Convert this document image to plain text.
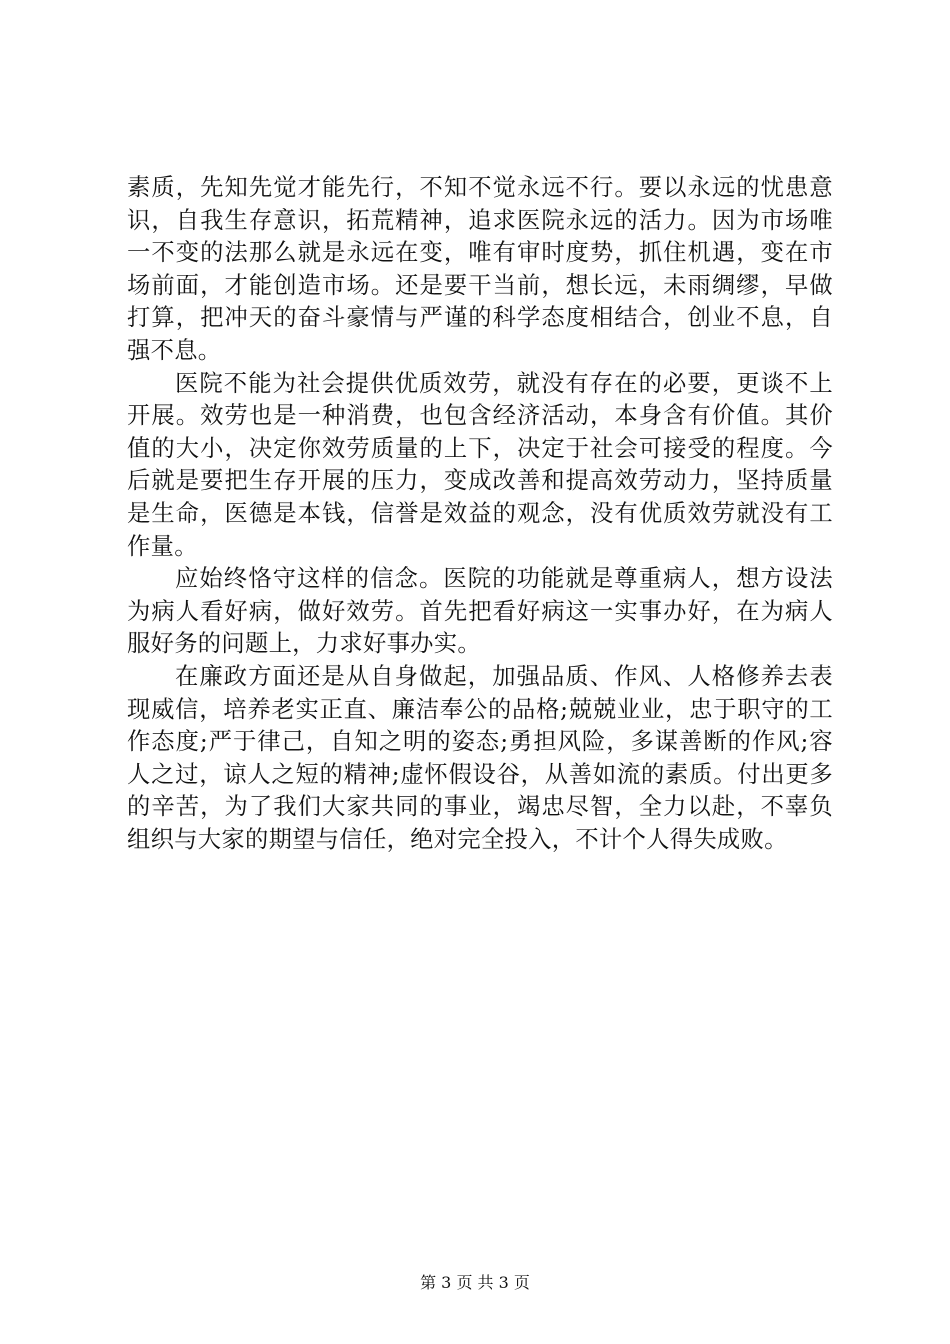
素质，先知先觉才能先行，不知不觉永远不行。要以永远的忧患意识，自我生存意识，拓荒精神，追求医院永远的活力。因为市场唯一不变的法那么就是永远在变，唯有审时度势，抓住机遇，变在市场前面，才能创造市场。还是要干当前，想长远，未雨绸缪，早做打算，把冲天的奋斗豪情与严谨的科学态度相结合，创业不息，自强不息。

医院不能为社会提供优质效劳，就没有存在的必要，更谈不上开展。效劳也是一种消费，也包含经济活动，本身含有价值。其价值的大小，决定你效劳质量的上下，决定于社会可接受的程度。今后就是要把生存开展的压力，变成改善和提高效劳动力，坚持质量是生命，医德是本钱，信誉是效益的观念，没有优质效劳就没有工作量。

应始终恪守这样的信念。医院的功能就是尊重病人，想方设法为病人看好病，做好效劳。首先把看好病这一实事办好，在为病人服好务的问题上，力求好事办实。

在廉政方面还是从自身做起，加强品质、作风、人格修养去表现威信，培养老实正直、廉洁奉公的品格;兢兢业业，忠于职守的工作态度;严于律己，自知之明的姿态;勇担风险，多谋善断的作风;容人之过，谅人之短的精神;虚怀假设谷，从善如流的素质。付出更多的辛苦，为了我们大家共同的事业，竭忠尽智，全力以赴，不辜负组织与大家的期望与信任，绝对完全投入，不计个人得失成败。

第 3 页 共 3 页
